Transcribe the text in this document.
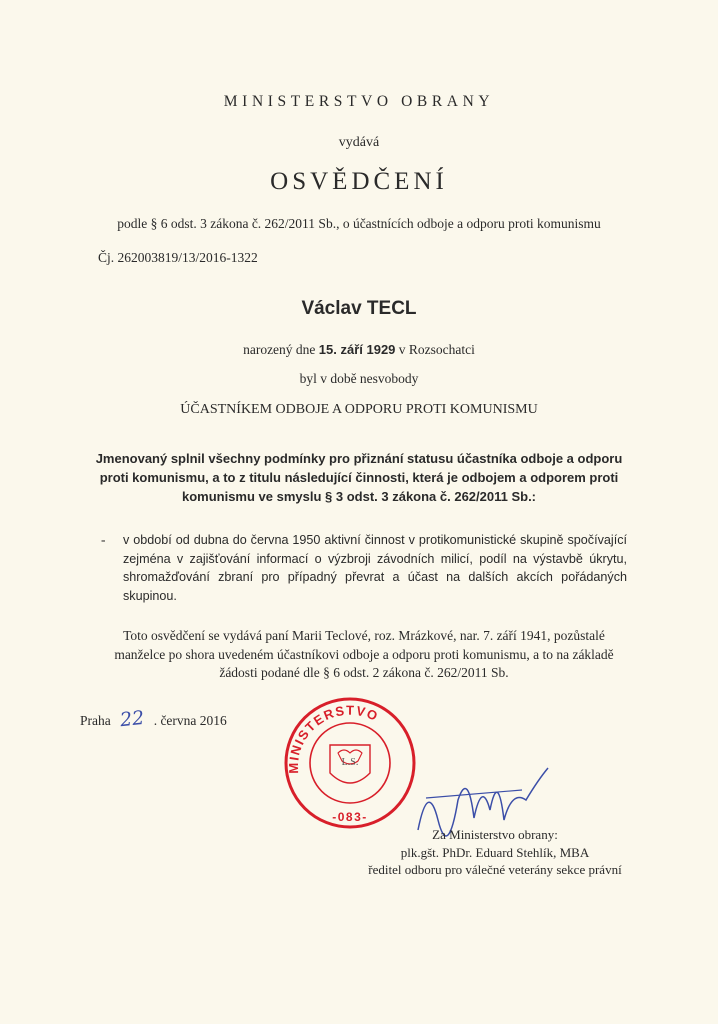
MINISTERSTVO OBRANY
vydává
OSVĚDČENÍ
podle § 6 odst. 3 zákona č. 262/2011 Sb., o účastnících odboje a odporu proti komunismu
Čj. 262003819/13/2016-1322
Václav TECL
narozený dne 15. září 1929 v Rozsochatci
byl v době nesvobody
ÚČASTNÍKEM ODBOJE A ODPORU PROTI KOMUNISMU
Jmenovaný splnil všechny podmínky pro přiznání statusu účastníka odboje a odporu proti komunismu, a to z titulu následující činnosti, která je odbojem a odporem proti komunismu ve smyslu § 3 odst. 3 zákona č. 262/2011 Sb.:
- v období od dubna do června 1950 aktivní činnost v protikomunistické skupině spočívající zejména v zajišťování informací o výzbroji závodních milicí, podíl na výstavbě úkrytu, shromažďování zbraní pro případný převrat a účast na dalších akcích pořádaných skupinou.
Toto osvědčení se vydává paní Marii Teclové, roz. Mrázkové, nar. 7. září 1941, pozůstalé manželce po shora uvedeném účastníkovi odboje a odporu proti komunismu, a to na základě žádosti podané dle § 6 odst. 2 zákona č. 262/2011 Sb.
Praha 22 . června 2016
MINISTERSTVO
-083-
L.S.
Za Ministerstvo obrany:
plk.gšt. PhDr. Eduard Stehlík, MBA
ředitel odboru pro válečné veterány sekce právní
